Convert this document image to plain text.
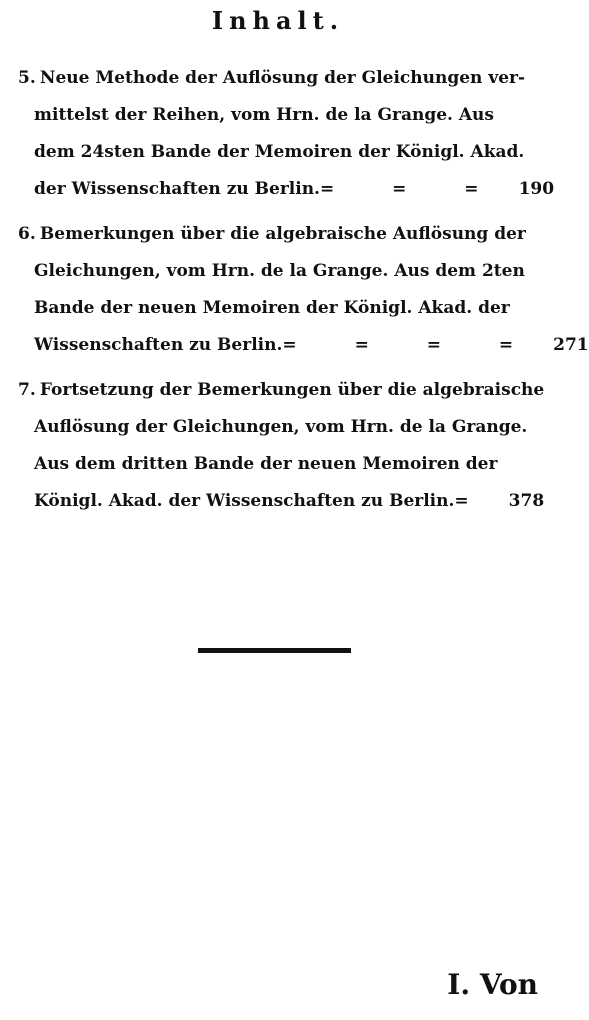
Inhalt.
5. Neue Methode der Auflösung der Gleichungen ver-
mittelst der Reihen, vom Hrn. de la Grange. Aus
dem 24sten Bande der Memoiren der Königl. Akad.
der Wissenschaften zu Berlin. = = = 190
6. Bemerkungen über die algebraische Auflösung der
Gleichungen, vom Hrn. de la Grange. Aus dem 2ten
Bande der neuen Memoiren der Königl. Akad. der
Wissenschaften zu Berlin. = = = = 271
7. Fortsetzung der Bemerkungen über die algebraische
Auflösung der Gleichungen, vom Hrn. de la Grange.
Aus dem dritten Bande der neuen Memoiren der
Königl. Akad. der Wissenschaften zu Berlin. = 378
I. Von
